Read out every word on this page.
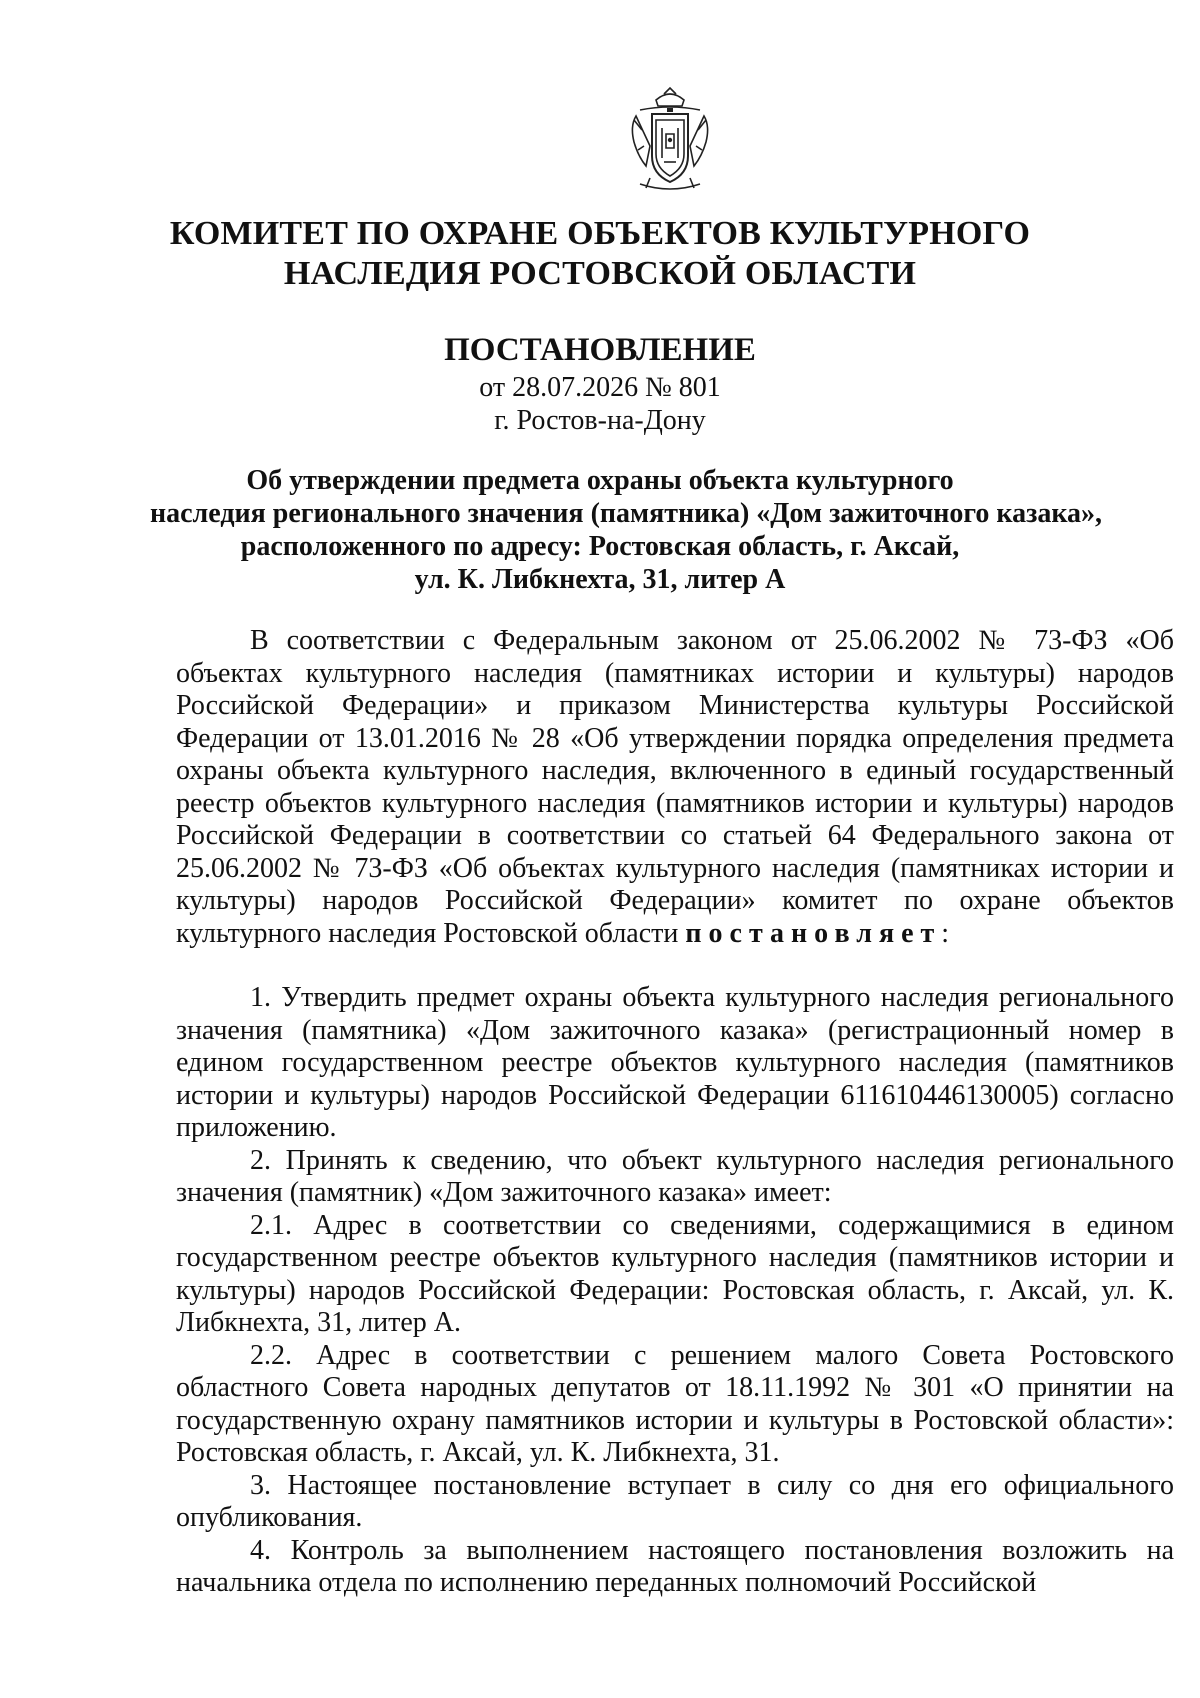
КОМИТЕТ ПО ОХРАНЕ ОБЪЕКТОВ КУЛЬТУРНОГО
НАСЛЕДИЯ РОСТОВСКОЙ ОБЛАСТИ
ПОСТАНОВЛЕНИЕ
от 28.07.2026 № 801
г. Ростов-на-Дону
Об утверждении предмета охраны объекта культурного
наследия регионального значения (памятника) «Дом зажиточного казака»,
расположенного по адресу: Ростовская область, г. Аксай,
ул. К. Либкнехта, 31, литер А

В соответствии с Федеральным законом от 25.06.2002 № 73-ФЗ «Об объектах культурного наследия (памятниках истории и культуры) народов Российской Федерации» и приказом Министерства культуры Российской Федерации от 13.01.2016 № 28 «Об утверждении порядка определения предмета охраны объекта культурного наследия, включенного в единый государственный реестр объектов культурного наследия (памятников истории и культуры) народов Российской Федерации в соответствии со статьей 64 Федерального закона от 25.06.2002 № 73-ФЗ «Об объектах культурного наследия (памятниках истории и культуры) народов Российской Федерации» комитет по охране объектов культурного наследия Ростовской области постановляет:

1. Утвердить предмет охраны объекта культурного наследия регионального значения (памятника) «Дом зажиточного казака» (регистрационный номер в едином государственном реестре объектов культурного наследия (памятников истории и культуры) народов Российской Федерации 611610446130005) согласно приложению.

2. Принять к сведению, что объект культурного наследия регионального значения (памятник) «Дом зажиточного казака» имеет:

2.1. Адрес в соответствии со сведениями, содержащимися в едином государственном реестре объектов культурного наследия (памятников истории и культуры) народов Российской Федерации: Ростовская область, г. Аксай, ул. К. Либкнехта, 31, литер А.

2.2. Адрес в соответствии с решением малого Совета Ростовского областного Совета народных депутатов от 18.11.1992 № 301 «О принятии на государственную охрану памятников истории и культуры в Ростовской области»: Ростовская область, г. Аксай, ул. К. Либкнехта, 31.

3. Настоящее постановление вступает в силу со дня его официального опубликования.

4. Контроль за выполнением настоящего постановления возложить на начальника отдела по исполнению переданных полномочий Российской
